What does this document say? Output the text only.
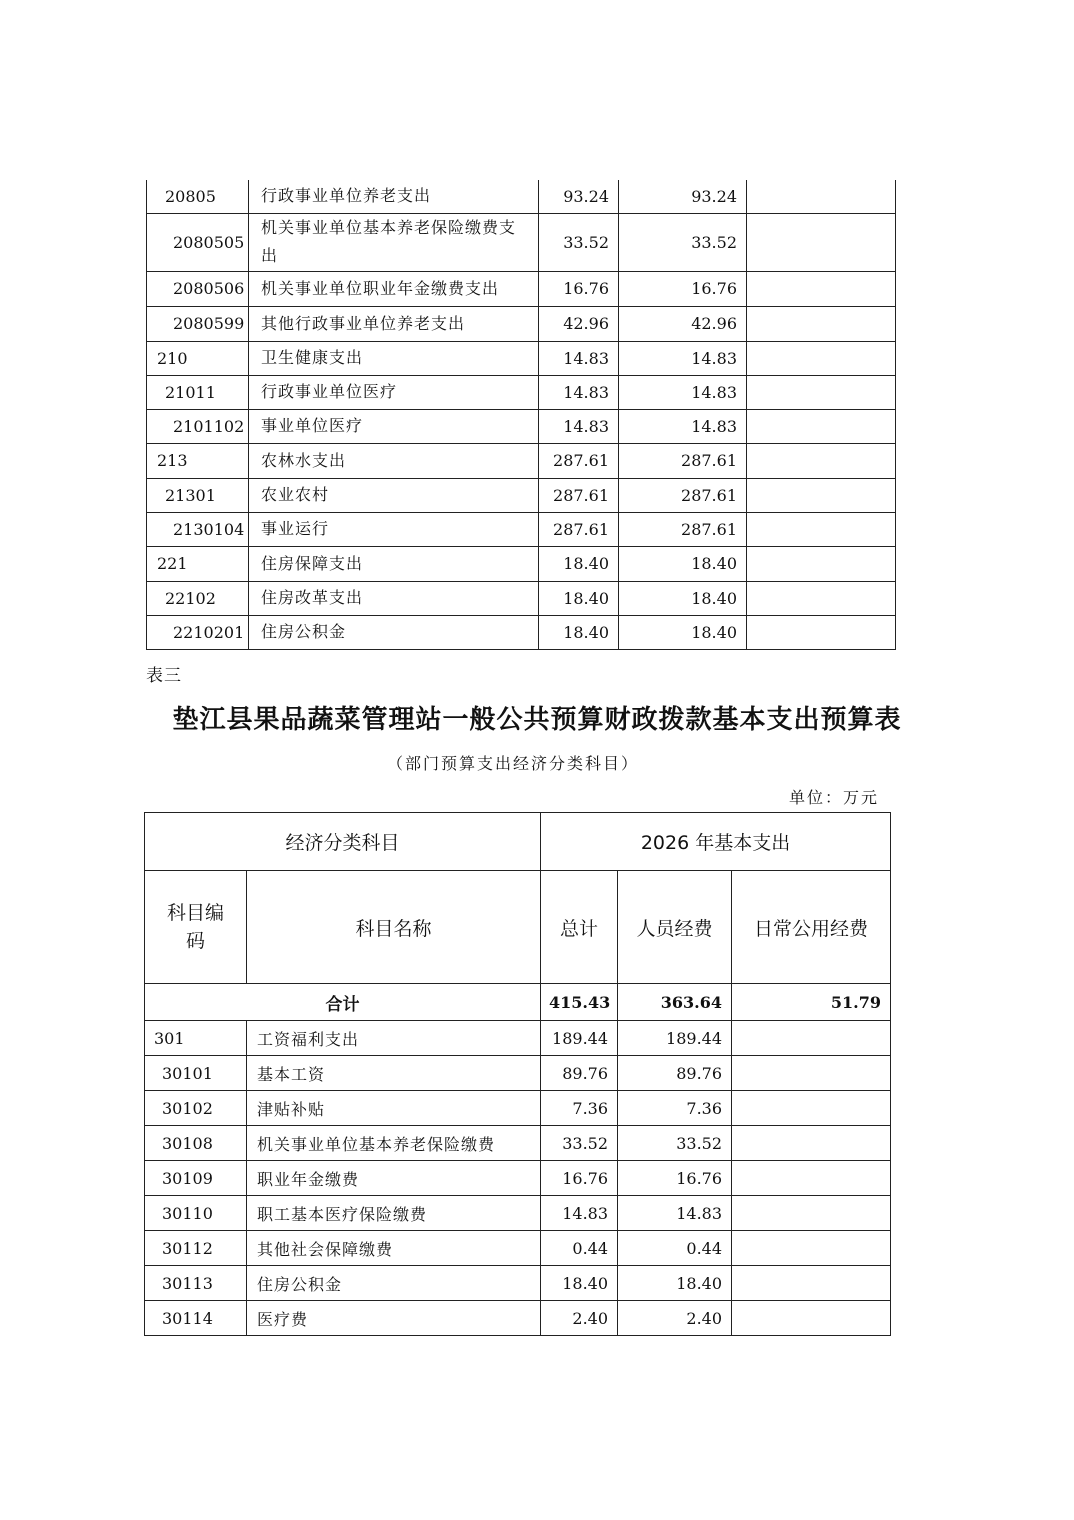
20805	行政事业单位养老支出	93.24	93.24	
2080505	机关事业单位基本养老保险缴费支出	33.52	33.52	
2080506	机关事业单位职业年金缴费支出	16.76	16.76	
2080599	其他行政事业单位养老支出	42.96	42.96	
210	卫生健康支出	14.83	14.83	
21011	行政事业单位医疗	14.83	14.83	
2101102	事业单位医疗	14.83	14.83	
213	农林水支出	287.61	287.61	
21301	农业农村	287.61	287.61	
2130104	事业运行	287.61	287.61	
221	住房保障支出	18.40	18.40	
22102	住房改革支出	18.40	18.40	
2210201	住房公积金	18.40	18.40	
表三
垫江县果品蔬菜管理站一般公共预算财政拨款基本支出预算表
（部门预算支出经济分类科目）
单位：万元
经济分类科目		2026 年基本支出		

科目编
码	科目名称	总计	人员经费	日常公用经费
合计		415.43	363.64	51.79
301	工资福利支出	189.44	189.44	
30101	基本工资	89.76	89.76	
30102	津贴补贴	7.36	7.36	
30108	机关事业单位基本养老保险缴费	33.52	33.52	
30109	职业年金缴费	16.76	16.76	
30110	职工基本医疗保险缴费	14.83	14.83	
30112	其他社会保障缴费	0.44	0.44	
30113	住房公积金	18.40	18.40	
30114	医疗费	2.40	2.40	
